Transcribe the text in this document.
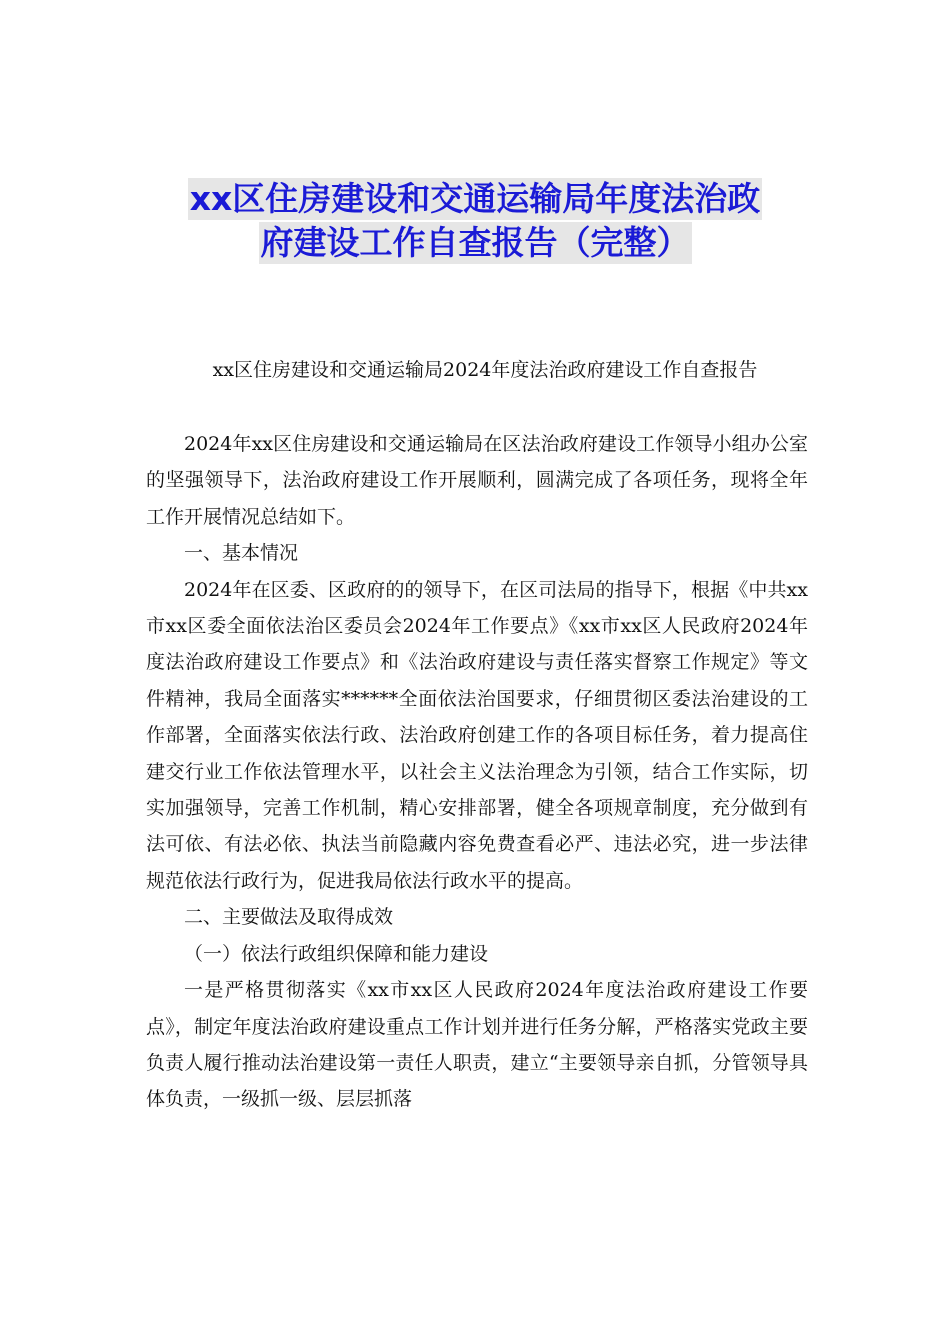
xx区住房建设和交通运输局年度法治政
府建设工作自查报告（完整）
xx区住房建设和交通运输局2024年度法治政府建设工作自查报告

2024年xx区住房建设和交通运输局在区法治政府建设工作领导小组办公室的坚强领导下，法治政府建设工作开展顺利，圆满完成了各项任务，现将全年工作开展情况总结如下。

一、基本情况

2024年在区委、区政府的的领导下，在区司法局的指导下，根据《中共xx市xx区委全面依法治区委员会2024年工作要点》《xx市xx区人民政府2024年度法治政府建设工作要点》和《法治政府建设与责任落实督察工作规定》等文件精神，我局全面落实******全面依法治国要求，仔细贯彻区委法治建设的工作部署，全面落实依法行政、法治政府创建工作的各项目标任务，着力提高住建交行业工作依法管理水平，以社会主义法治理念为引领，结合工作实际，切实加强领导，完善工作机制，精心安排部署，健全各项规章制度，充分做到有法可依、有法必依、执法当前隐藏内容免费查看必严、违法必究，进一步法律规范依法行政行为，促进我局依法行政水平的提高。

二、主要做法及取得成效

（一）依法行政组织保障和能力建设

一是严格贯彻落实《xx市xx区人民政府2024年度法治政府建设工作要点》，制定年度法治政府建设重点工作计划并进行任务分解，严格落实党政主要负责人履行推动法治建设第一责任人职责，建立“主要领导亲自抓，分管领导具体负责，一级抓一级、层层抓落
